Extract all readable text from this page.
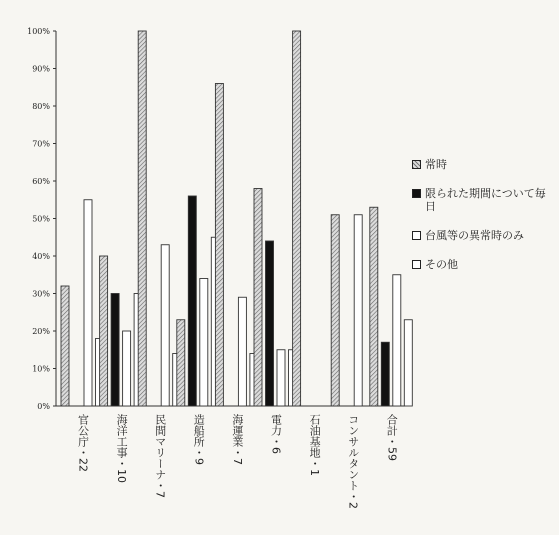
0%
10%
20%
30%
40%
50%
60%
70%
80%
90%
100%
官公庁・22 海洋工事・10 民間マリーナ・7 造船所・9 海運業・7 電力・6 石油基地・1 コンサルタント・2 合計・59
常時
限られた期間について毎日
台風等の異常時のみ
その他
